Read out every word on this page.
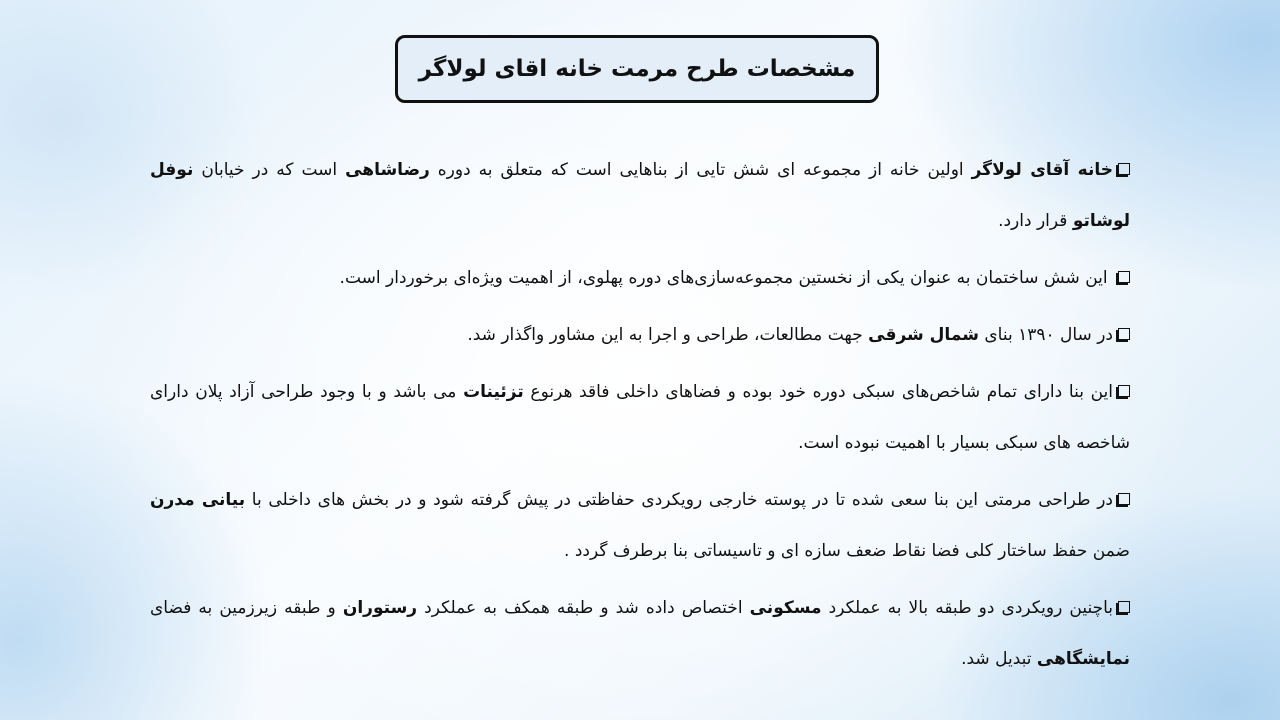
مشخصات طرح مرمت خانه اقای لولاگر

خانه آقای لولاگر اولین خانه از مجموعه ای شش تایی از بناهایی است که متعلق به دوره رضاشاهی است که در خیابان نوفل لوشاتو قرار دارد.

این شش ساختمان به عنوان یکی از نخستین مجموعه‌سازی‌های دوره پهلوی، از اهمیت ویژه‌ای برخوردار است.

در سال ۱۳۹۰ بنای شمال شرقی جهت مطالعات، طراحی و اجرا به این مشاور واگذار شد.

این بنا دارای تمام شاخص‌های سبکی دوره خود بوده و فضاهای داخلی فاقد هرنوع تزئینات می باشد و با وجود طراحی آزاد پلان دارای شاخصه های سبکی بسیار با اهمیت نبوده است.

در طراحی مرمتی این بنا سعی شده تا در پوسته خارجی رویکردی حفاظتی در پیش گرفته شود و در بخش های داخلی با بیانی مدرن ضمن حفظ ساختار کلی فضا نقاط ضعف سازه ای و تاسیساتی بنا برطرف گردد .

باچنین رویکردی دو طبقه بالا به عملکرد مسکونی اختصاص داده شد و طبقه همکف به عملکرد رستوران و طبقه زیرزمین به فضای نمایشگاهی تبدیل شد.
